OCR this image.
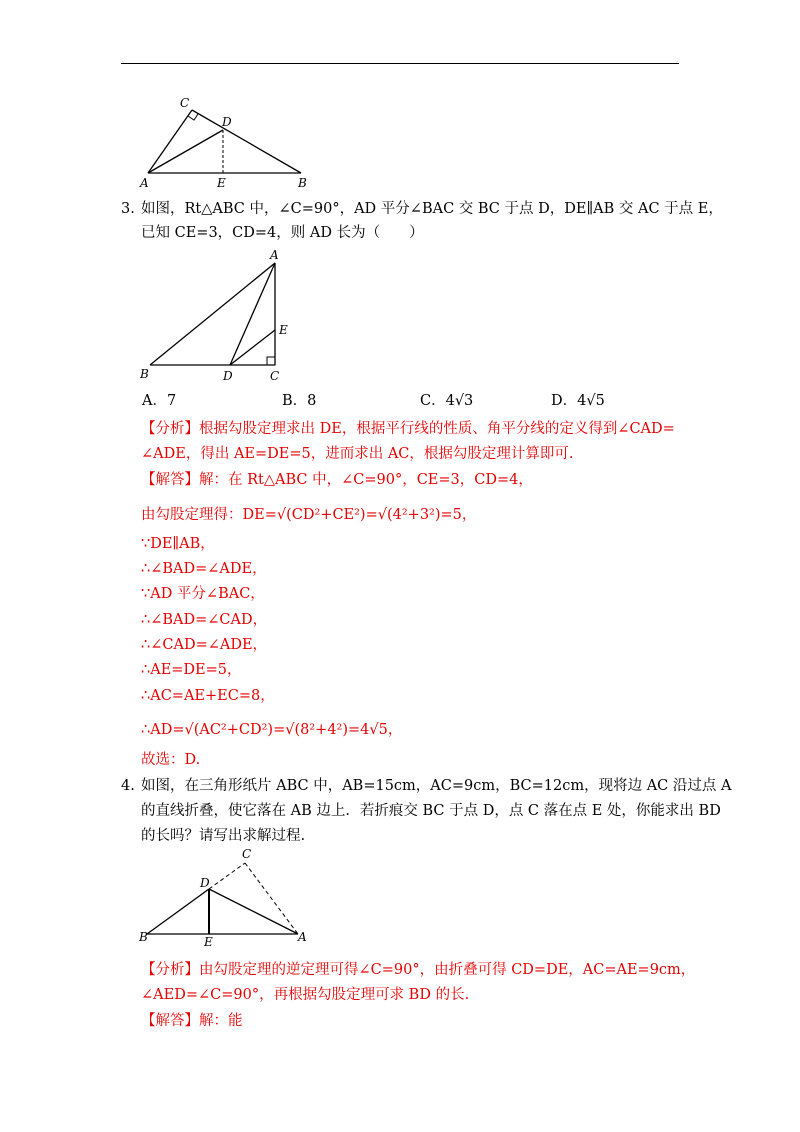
C
D
A	E	B
3. 如图，Rt△ABC 中，∠C=90°，AD 平分∠BAC 交 BC 于点 D，DE∥AB 交 AC 于点 E，
已知 CE=3，CD=4，则 AD 长为（　　）
A
E
B	D	C
A．7	B．8	C．4√3	D．4√5
【分析】根据勾股定理求出 DE，根据平行线的性质、角平分线的定义得到∠CAD=
∠ADE，得出 AE=DE=5，进而求出 AC，根据勾股定理计算即可.
【解答】解：在 Rt△ABC 中，∠C=90°，CE=3，CD=4，
由勾股定理得：DE=√(CD²+CE²)=√(4²+3²)=5，
∵DE∥AB，
∴∠BAD=∠ADE，
∵AD 平分∠BAC，
∴∠BAD=∠CAD，
∴∠CAD=∠ADE，
∴AE=DE=5，
∴AC=AE+EC=8，
∴AD=√(AC²+CD²)=√(8²+4²)=4√5，
故选：D.
4. 如图，在三角形纸片 ABC 中，AB=15cm，AC=9cm，BC=12cm，现将边 AC 沿过点 A
的直线折叠，使它落在 AB 边上．若折痕交 BC 于点 D，点 C 落在点 E 处，你能求出 BD
的长吗？请写出求解过程.
C
D
B	E	A
【分析】由勾股定理的逆定理可得∠C=90°，由折叠可得 CD=DE，AC=AE=9cm，
∠AED=∠C=90°，再根据勾股定理可求 BD 的长.
【解答】解：能
